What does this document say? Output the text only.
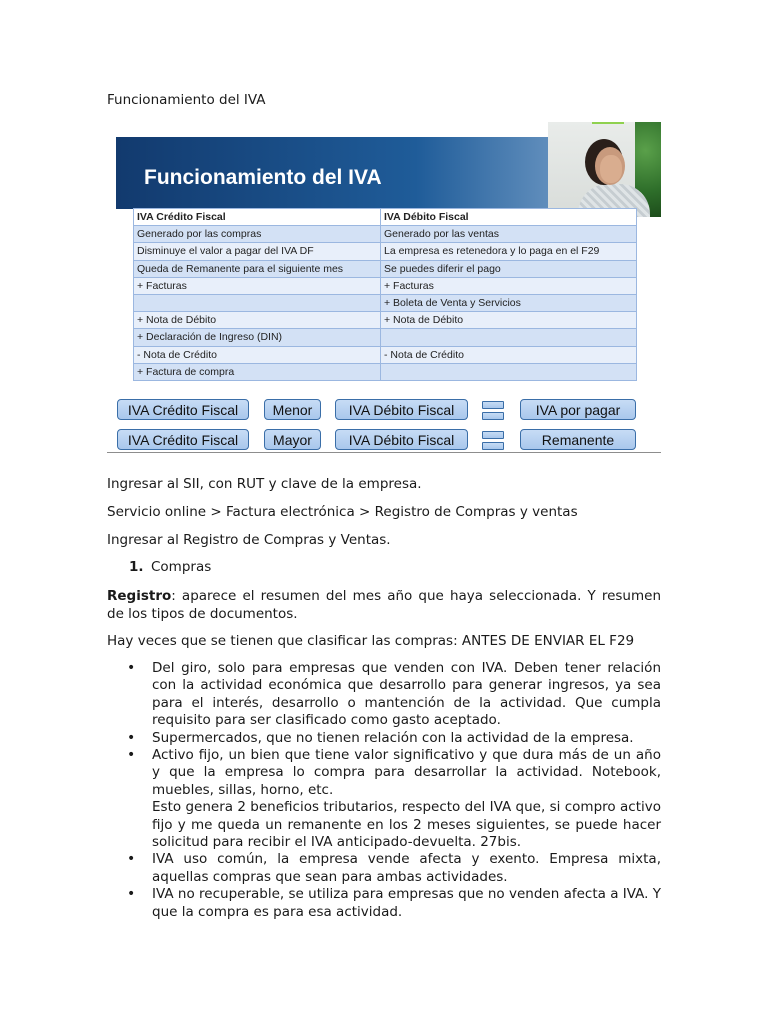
Funcionamiento del IVA
Funcionamiento del IVA
IVA Crédito Fiscal	IVA Débito Fiscal
Generado por las compras	Generado por las ventas
Disminuye el valor a pagar del IVA DF	La empresa es retenedora y lo paga en el F29
Queda de Remanente para el siguiente mes	Se puedes diferir el pago
+ Facturas	+ Facturas
	+ Boleta de Venta y Servicios
+ Nota de Débito	+ Nota de Débito
+ Declaración de Ingreso (DIN)	
- Nota de Crédito	- Nota de Crédito
+ Factura de compra	
IVA Crédito Fiscal	Menor	IVA Débito Fiscal	IVA por pagar
IVA Crédito Fiscal	Mayor	IVA Débito Fiscal	Remanente

Ingresar al SII, con RUT y clave de la empresa.

Servicio online > Factura electrónica > Registro de Compras y ventas

Ingresar al Registro de Compras y Ventas.

1. Compras

Registro: aparece el resumen del mes año que haya seleccionada. Y resumen de los tipos de documentos.

Hay veces que se tienen que clasificar las compras: ANTES DE ENVIAR EL F29

• Del giro, solo para empresas que venden con IVA. Deben tener relación con la actividad económica que desarrollo para generar ingresos, ya sea para el interés, desarrollo o mantención de la actividad. Que cumpla requisito para ser clasificado como gasto aceptado.

• Supermercados, que no tienen relación con la actividad de la empresa.

• Activo fijo, un bien que tiene valor significativo y que dura más de un año y que la empresa lo compra para desarrollar la actividad. Notebook, muebles, sillas, horno, etc.

Esto genera 2 beneficios tributarios, respecto del IVA que, si compro activo fijo y me queda un remanente en los 2 meses siguientes, se puede hacer solicitud para recibir el IVA anticipado-devuelta. 27bis.

• IVA uso común, la empresa vende afecta y exento. Empresa mixta, aquellas compras que sean para ambas actividades.

• IVA no recuperable, se utiliza para empresas que no venden afecta a IVA. Y que la compra es para esa actividad.
